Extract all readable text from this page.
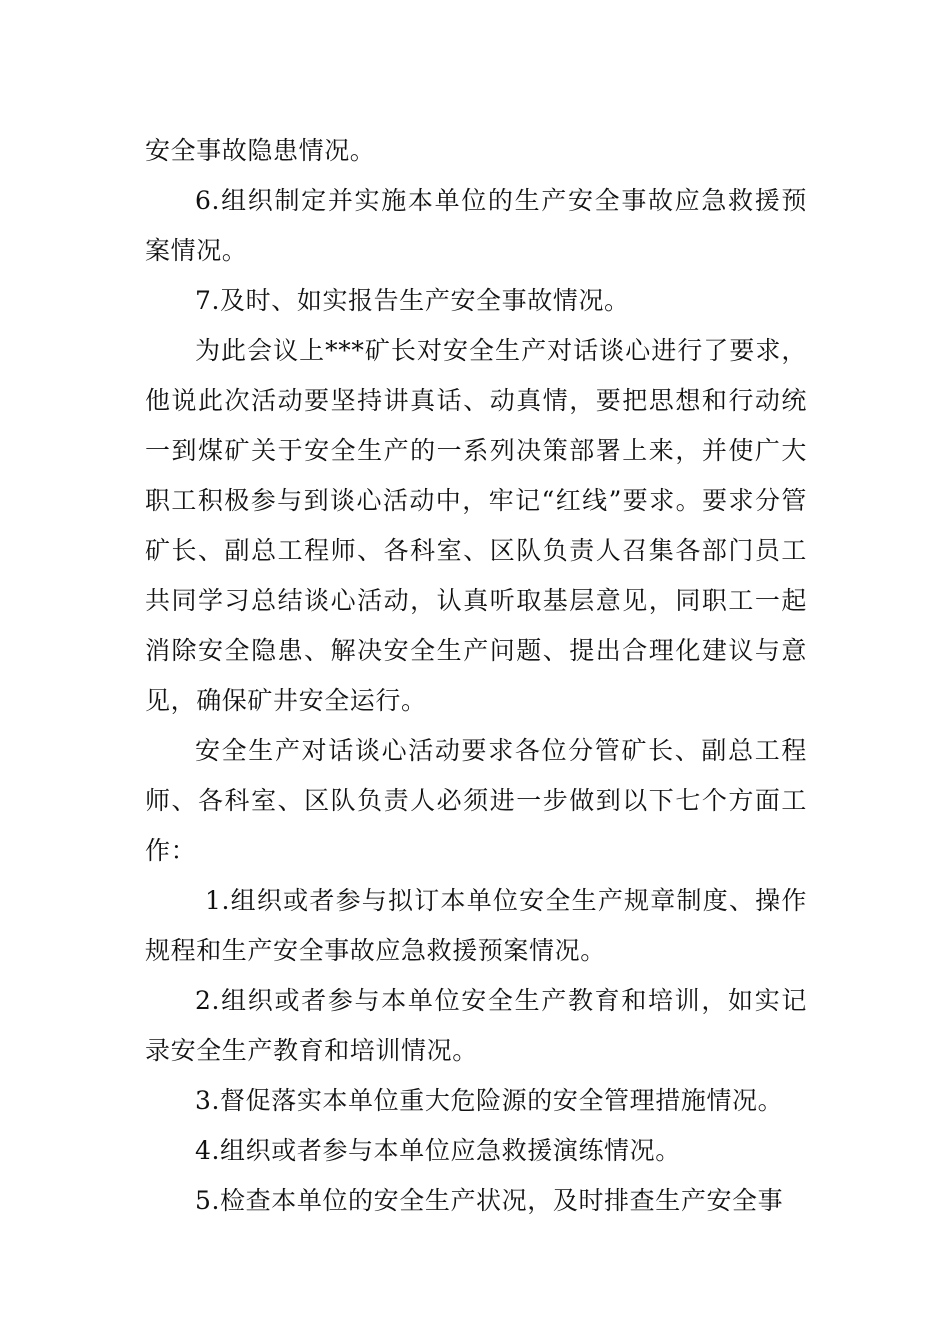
安全事故隐患情况。

6.组织制定并实施本单位的生产安全事故应急救援预案情况。

7.及时、如实报告生产安全事故情况。

为此会议上***矿长对安全生产对话谈心进行了要求，他说此次活动要坚持讲真话、动真情，要把思想和行动统一到煤矿关于安全生产的一系列决策部署上来，并使广大职工积极参与到谈心活动中，牢记“红线”要求。要求分管矿长、副总工程师、各科室、区队负责人召集各部门员工共同学习总结谈心活动，认真听取基层意见，同职工一起消除安全隐患、解决安全生产问题、提出合理化建议与意见，确保矿井安全运行。

安全生产对话谈心活动要求各位分管矿长、副总工程师、各科室、区队负责人必须进一步做到以下七个方面工作：

1.组织或者参与拟订本单位安全生产规章制度、操作规程和生产安全事故应急救援预案情况。

2.组织或者参与本单位安全生产教育和培训，如实记录安全生产教育和培训情况。

3.督促落实本单位重大危险源的安全管理措施情况。

4.组织或者参与本单位应急救援演练情况。

5.检查本单位的安全生产状况，及时排查生产安全事
